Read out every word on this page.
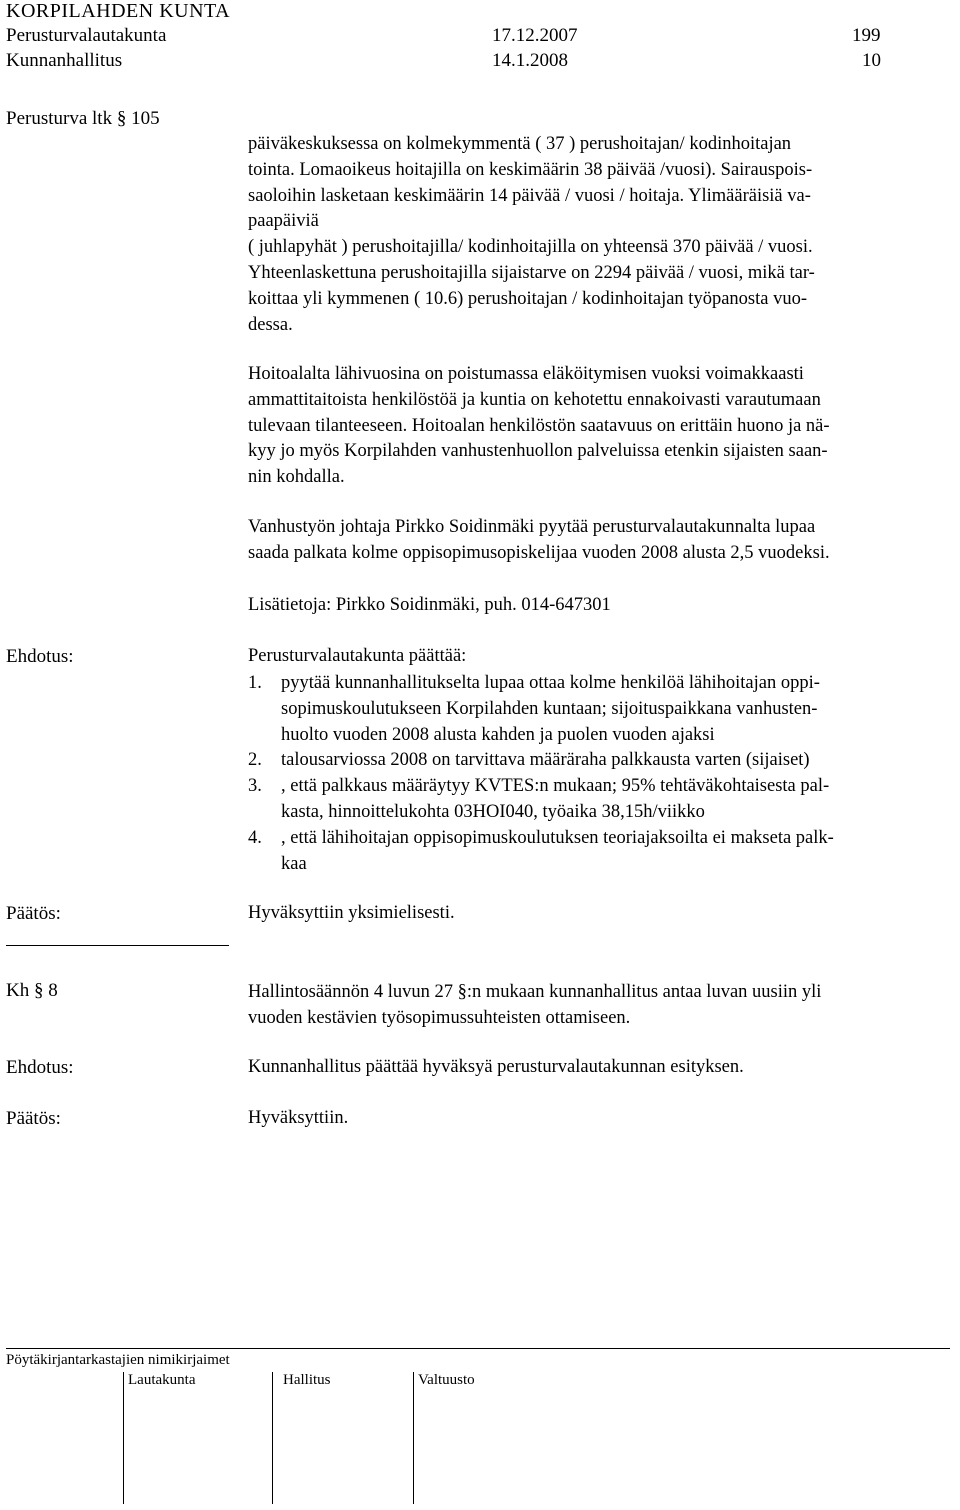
KORPILAHDEN KUNTA
Perusturvalautakunta	17.12.2007	199
Kunnanhallitus	14.1.2008	10
Perusturva ltk § 105
päiväkeskuksessa on kolmekymmentä ( 37 ) perushoitajan/ kodinhoitajan
tointa. Lomaoikeus hoitajilla on keskimäärin 38 päivää /vuosi). Sairauspois-
saoloihin lasketaan keskimäärin 14 päivää / vuosi / hoitaja. Ylimääräisiä va-
paapäiviä
( juhlapyhät ) perushoitajilla/ kodinhoitajilla on yhteensä 370 päivää / vuosi.
Yhteenlaskettuna perushoitajilla sijaistarve on 2294 päivää / vuosi, mikä tar-
koittaa yli kymmenen ( 10.6) perushoitajan / kodinhoitajan työpanosta vuo-
dessa.
Hoitoalalta lähivuosina on poistumassa eläköitymisen vuoksi voimakkaasti
ammattitaitoista henkilöstöä ja kuntia on kehotettu ennakoivasti varautumaan
tulevaan tilanteeseen. Hoitoalan henkilöstön saatavuus on erittäin huono ja nä-
kyy jo myös Korpilahden vanhustenhuollon palveluissa etenkin sijaisten saan-
nin kohdalla.
Vanhustyön johtaja Pirkko Soidinmäki pyytää perusturvalautakunnalta lupaa
saada palkata kolme oppisopimusopiskelijaa vuoden 2008 alusta 2,5 vuodeksi.
Lisätietoja: Pirkko Soidinmäki, puh. 014-647301
Ehdotus:	Perusturvalautakunta päättää:
1. pyytää kunnanhallitukselta lupaa ottaa kolme henkilöä lähihoitajan oppi-
sopimuskoulutukseen Korpilahden kuntaan; sijoituspaikkana vanhusten-
huolto vuoden 2008 alusta kahden ja puolen vuoden ajaksi
2. talousarviossa 2008 on tarvittava määräraha palkkausta varten (sijaiset)
3. , että palkkaus määräytyy KVTES:n mukaan; 95% tehtäväkohtaisesta pal-
kasta, hinnoittelukohta 03HOI040, työaika 38,15h/viikko
4. , että lähihoitajan oppisopimuskoulutuksen teoriajaksoilta ei makseta palk-
kaa
Päätös:	Hyväksyttiin yksimielisesti.
Kh § 8	Hallintosäännön 4 luvun 27 §:n mukaan kunnanhallitus antaa luvan uusiin yli
vuoden kestävien työsopimussuhteisten ottamiseen.
Ehdotus:	Kunnanhallitus päättää hyväksyä perusturvalautakunnan esityksen.
Päätös:	Hyväksyttiin.
Pöytäkirjantarkastajien nimikirjaimet
Lautakunta	Hallitus	Valtuusto
